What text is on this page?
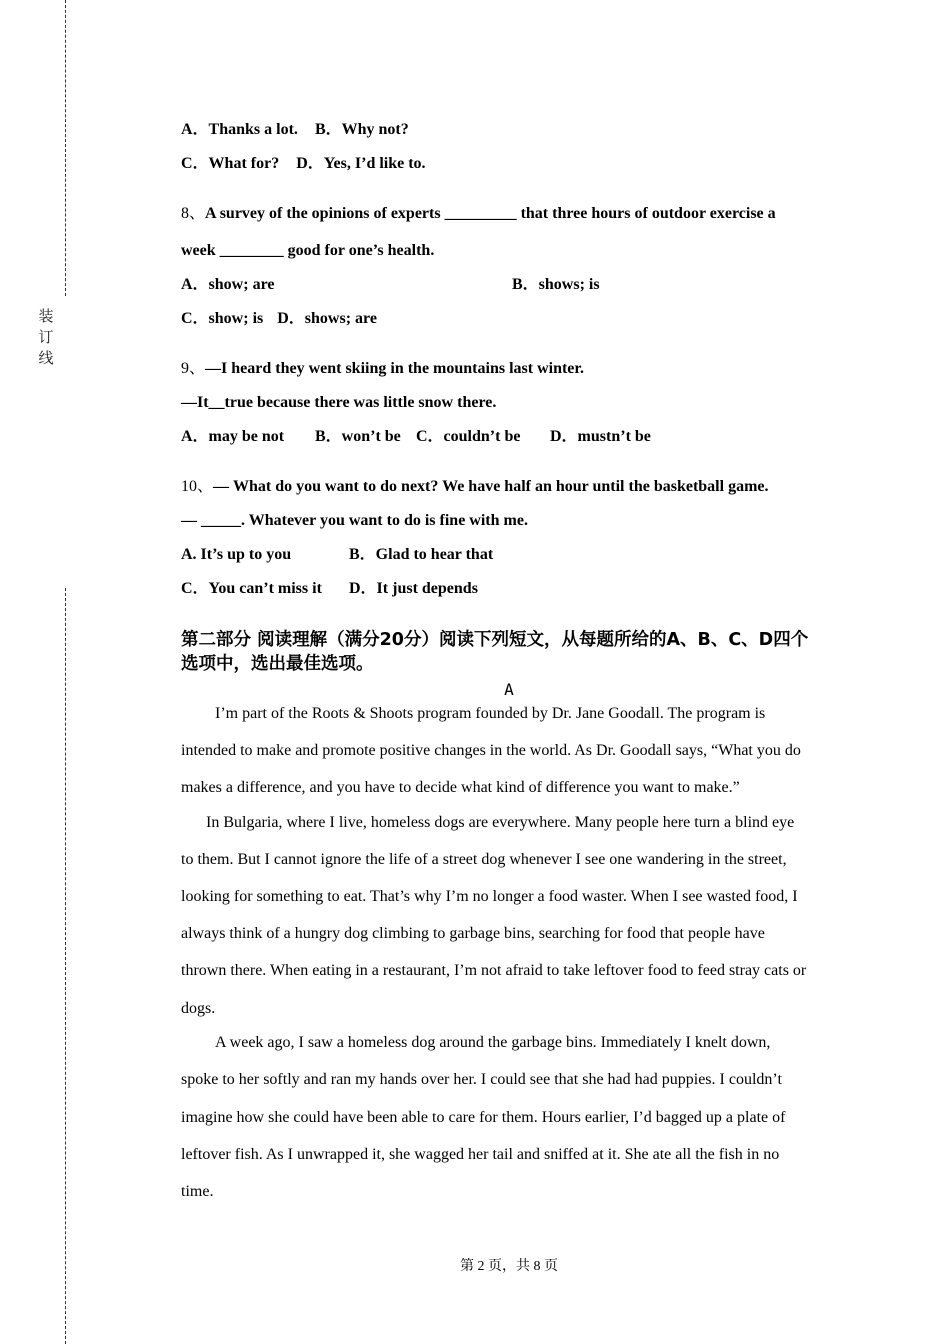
装
订
线
A．Thanks a lot. B．Why not?
C．What for? D．Yes, I’d like to.
8、A survey of the opinions of experts _________ that three hours of outdoor exercise a
week ________ good for one’s health.
A．show; are	B．shows; is
C．show; is D．shows; are
9、—I heard they went skiing in the mountains last winter.
—It__true because there was little snow there.
A．may be not B．won’t be C．couldn’t be D．mustn’t be
10、— What do you want to do next? We have half an hour until the basketball game.
— _____. Whatever you want to do is fine with me.
A. It’s up to you	B．Glad to hear that
C．You can’t miss it D．It just depends
第二部分 阅读理解（满分20分）阅读下列短文，从每题所给的A、B、C、D四个
选项中，选出最佳选项。
A
I’m part of the Roots & Shoots program founded by Dr. Jane Goodall. The program is
intended to make and promote positive changes in the world. As Dr. Goodall says, “What you do
makes a difference, and you have to decide what kind of difference you want to make.”
In Bulgaria, where I live, homeless dogs are everywhere. Many people here turn a blind eye
to them. But I cannot ignore the life of a street dog whenever I see one wandering in the street,
looking for something to eat. That’s why I’m no longer a food waster. When I see wasted food, I
always think of a hungry dog climbing to garbage bins, searching for food that people have
thrown there. When eating in a restaurant, I’m not afraid to take leftover food to feed stray cats or
dogs.
A week ago, I saw a homeless dog around the garbage bins. Immediately I knelt down,
spoke to her softly and ran my hands over her. I could see that she had had puppies. I couldn’t
imagine how she could have been able to care for them. Hours earlier, I’d bagged up a plate of
leftover fish. As I unwrapped it, she wagged her tail and sniffed at it. She ate all the fish in no
time.
第 2 页，共 8 页
